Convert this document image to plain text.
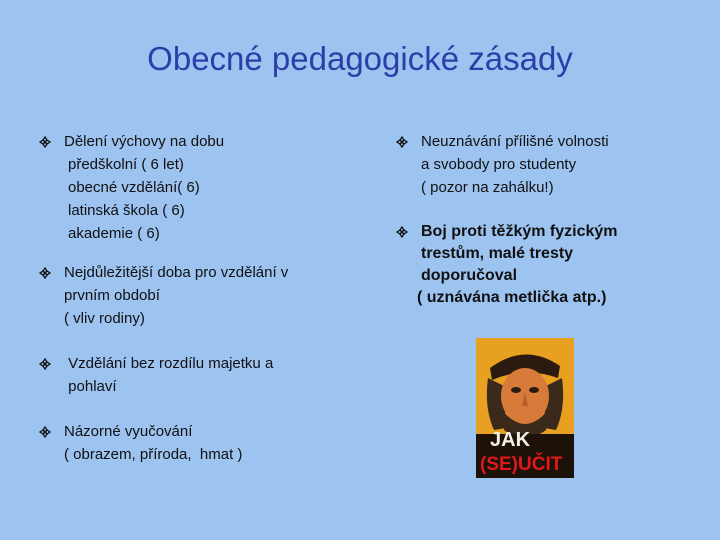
Obecné pedagogické zásady
Dělení výchovy na dobu
předškolní ( 6 let)
obecné vzdělání( 6)
latinská škola ( 6)
akademie ( 6)
Nejdůležitější doba pro vzdělání v
prvním období
( vliv rodiny)
Vzdělání bez rozdílu majetku a
pohlaví
Názorné vyučování
( obrazem, příroda,  hmat )
Neuznávání přílišné volnosti
a svobody pro studenty
( pozor na zahálku!)
Boj proti těžkým fyzickým
trestům, malé tresty
doporučoval
( uznávána metlička atp.)
JAK
(SE)UČIT
